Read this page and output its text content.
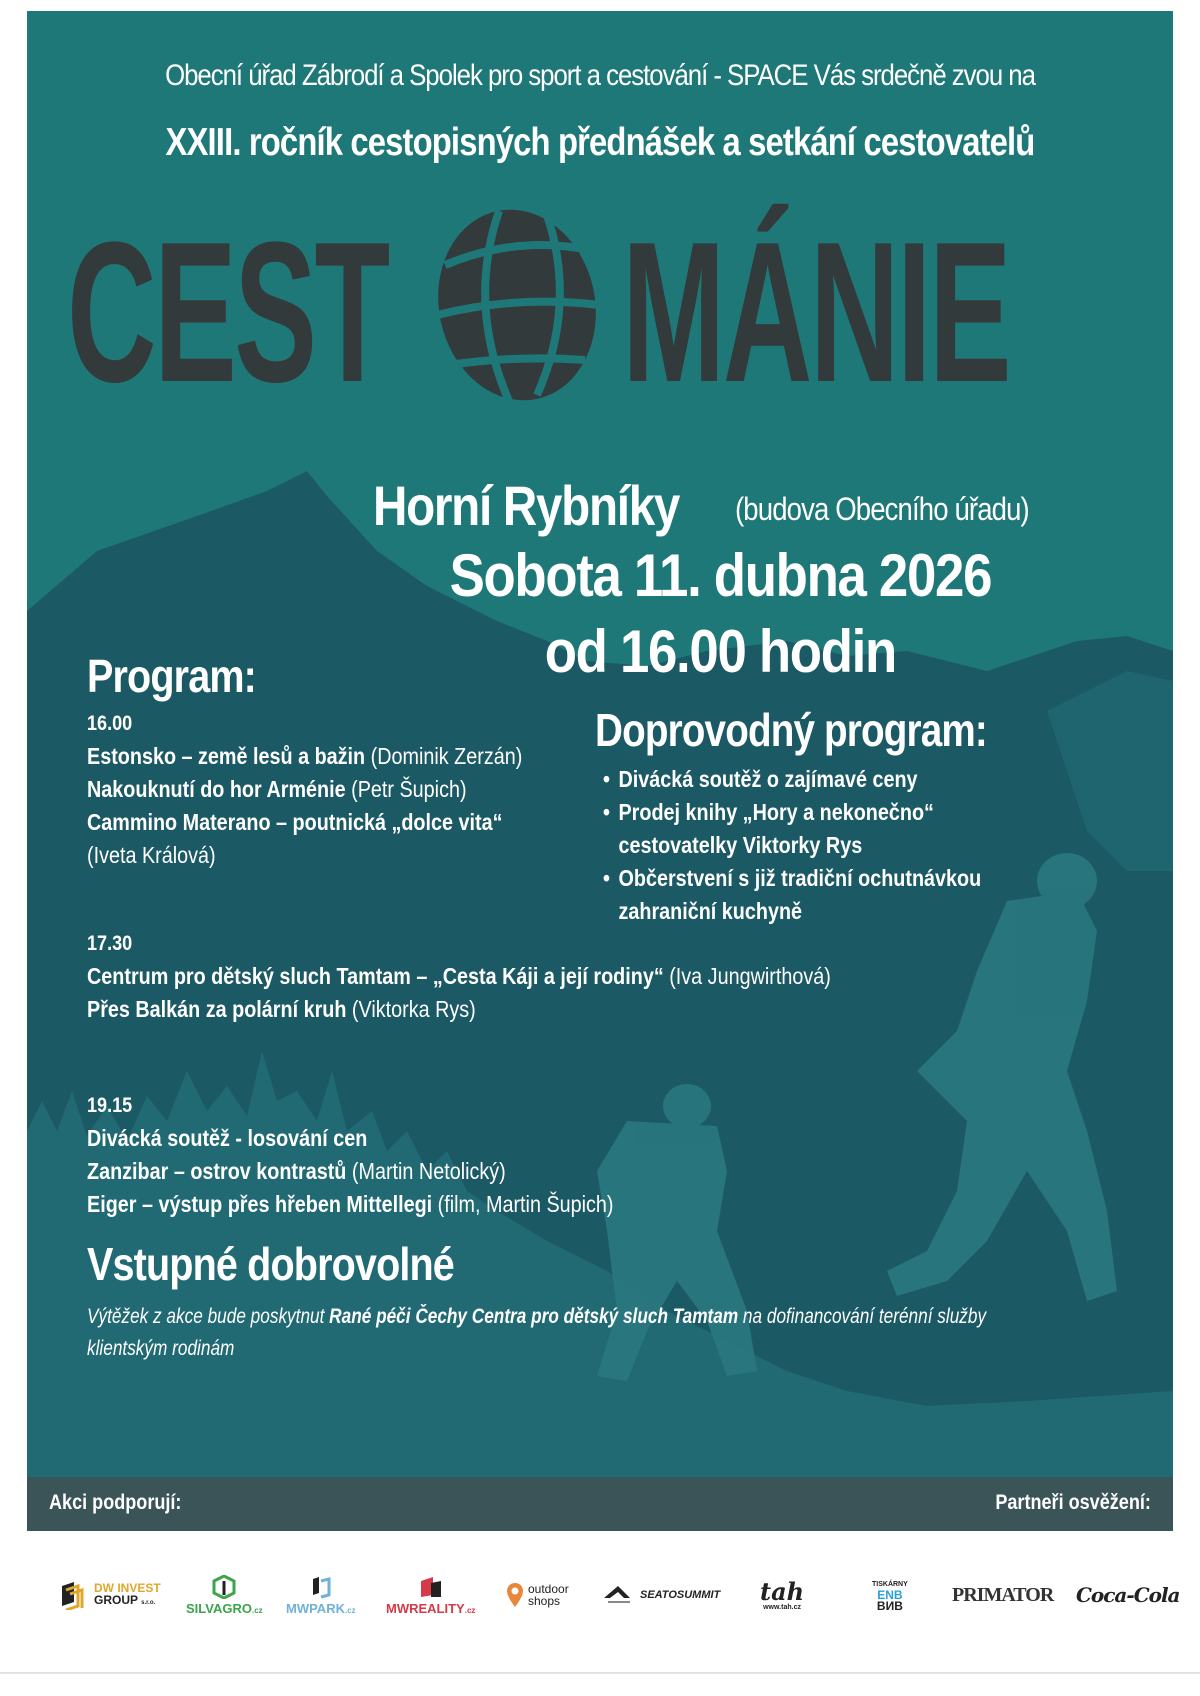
Obecní úřad Zábrodí a Spolek pro sport a cestování - SPACE Vás srdečně zvou na
XXIII. ročník cestopisných přednášek a setkání cestovatelů
CEST MÁNIE
Horní Rybníky (budova Obecního úřadu)
Sobota 11. dubna 2026
od 16.00 hodin
Program:
16.00
Estonsko – země lesů a bažin (Dominik Zerzán)
Nakouknutí do hor Arménie (Petr Šupich)
Cammino Materano – poutnická „dolce vita“
(Iveta Králová)
17.30
Centrum pro dětský sluch Tamtam – „Cesta Káji a její rodiny“ (Iva Jungwirthová)
Přes Balkán za polární kruh (Viktorka Rys)
19.15
Divácká soutěž - losování cen
Zanzibar – ostrov kontrastů (Martin Netolický)
Eiger – výstup přes hřeben Mittellegi (film, Martin Šupich)
Doprovodný program:
• Divácká soutěž o zajímavé ceny
• Prodej knihy „Hory a nekonečno“
cestovatelky Viktorky Rys
• Občerstvení s již tradiční ochutnávkou
zahraniční kuchyně
Vstupné dobrovolné
Výtěžek z akce bude poskytnut Rané péči Čechy Centra pro dětský sluch Tamtam na dofinancování terénní služby
klientským rodinám
Akci podporují:	Partneři osvěžení:
DW INVEST
GROUP s.r.o.	SILVAGRO.cz MWPARK.cz MWREALITY.cz
outdoor
shops	SEATOSUMMIT tah
www.tah.cz
TISKÁRNY
ENB
ВИВ PRIMATOR Coca-Cola
